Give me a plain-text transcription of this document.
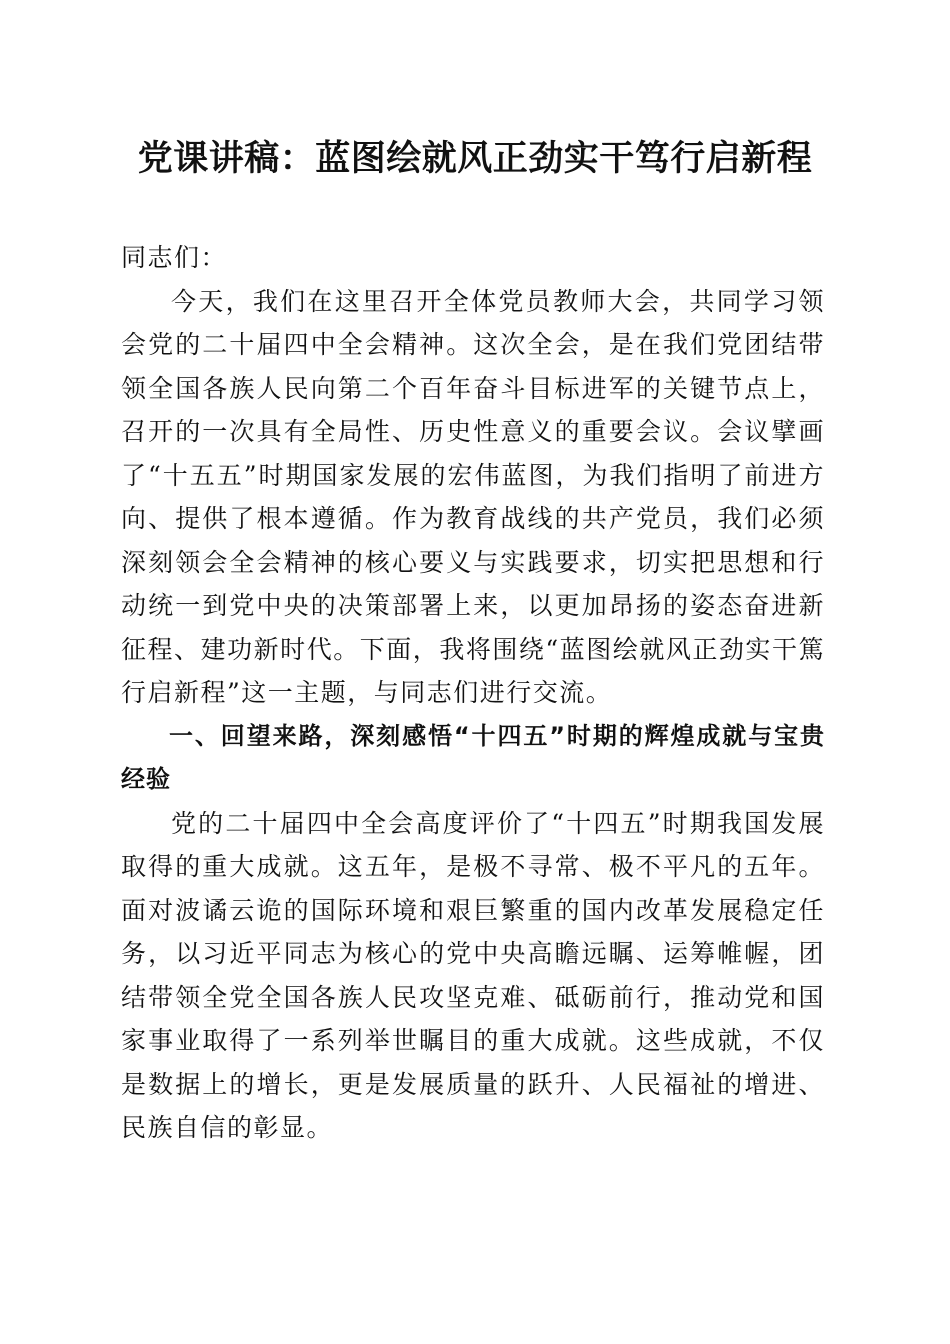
党课讲稿：蓝图绘就风正劲实干笃行启新程

同志们：

今天，我们在这里召开全体党员教师大会，共同学习领会党的二十届四中全会精神。这次全会，是在我们党团结带领全国各族人民向第二个百年奋斗目标进军的关键节点上，召开的一次具有全局性、历史性意义的重要会议。会议擘画了“十五五”时期国家发展的宏伟蓝图，为我们指明了前进方向、提供了根本遵循。作为教育战线的共产党员，我们必须深刻领会全会精神的核心要义与实践要求，切实把思想和行动统一到党中央的决策部署上来，以更加昂扬的姿态奋进新征程、建功新时代。下面，我将围绕“蓝图绘就风正劲实干篤行启新程”这一主题，与同志们进行交流。

一、回望来路，深刻感悟“十四五”时期的辉煌成就与宝贵经验

党的二十届四中全会高度评价了“十四五”时期我国发展取得的重大成就。这五年，是极不寻常、极不平凡的五年。面对波谲云诡的国际环境和艰巨繁重的国内改革发展稳定任务，以习近平同志为核心的党中央高瞻远瞩、运筹帷幄，团结带领全党全国各族人民攻坚克难、砥砺前行，推动党和国家事业取得了一系列举世瞩目的重大成就。这些成就，不仅是数据上的增长，更是发展质量的跃升、人民福祉的增进、民族自信的彰显。
